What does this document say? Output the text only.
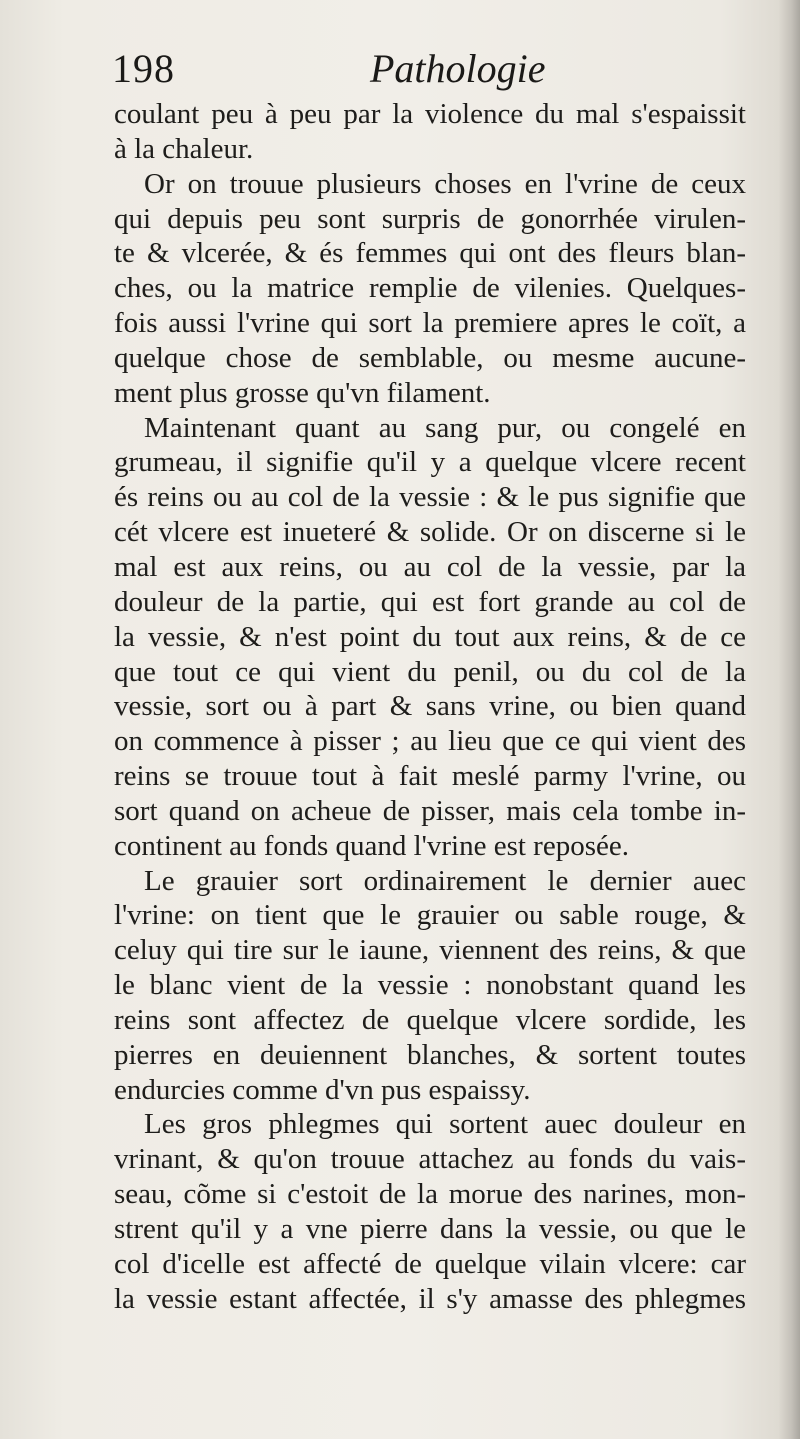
198	Pathologie
coulant peu à peu par la violence du mal s'espaissit
à la chaleur.
Or on trouue plusieurs choses en l'vrine de ceux
qui depuis peu sont surpris de gonorrhée virulen-
te & vlcerée, & és femmes qui ont des fleurs blan-
ches, ou la matrice remplie de vilenies. Quelques-
fois aussi l'vrine qui sort la premiere apres le coït, a
quelque chose de semblable, ou mesme aucune-
ment plus grosse qu'vn filament.
Maintenant quant au sang pur, ou congelé en
grumeau, il signifie qu'il y a quelque vlcere recent
és reins ou au col de la vessie : & le pus signifie que
cét vlcere est inueteré & solide. Or on discerne si le
mal est aux reins, ou au col de la vessie, par la
douleur de la partie, qui est fort grande au col de
la vessie, & n'est point du tout aux reins, & de ce
que tout ce qui vient du penil, ou du col de la
vessie, sort ou à part & sans vrine, ou bien quand
on commence à pisser ; au lieu que ce qui vient des
reins se trouue tout à fait meslé parmy l'vrine, ou
sort quand on acheue de pisser, mais cela tombe in-
continent au fonds quand l'vrine est reposée.
Le grauier sort ordinairement le dernier auec
l'vrine: on tient que le grauier ou sable rouge, &
celuy qui tire sur le iaune, viennent des reins, & que
le blanc vient de la vessie : nonobstant quand les
reins sont affectez de quelque vlcere sordide, les
pierres en deuiennent blanches, & sortent toutes
endurcies comme d'vn pus espaissy.
Les gros phlegmes qui sortent auec douleur en
vrinant, & qu'on trouue attachez au fonds du vais-
seau, cõme si c'estoit de la morue des narines, mon-
strent qu'il y a vne pierre dans la vessie, ou que le
col d'icelle est affecté de quelque vilain vlcere: car
la vessie estant affectée, il s'y amasse des phlegmes
